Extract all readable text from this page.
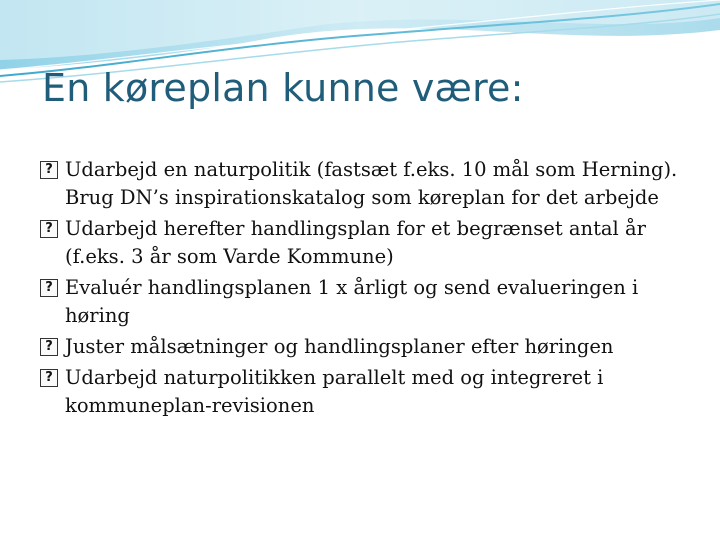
En køreplan kunne være:
? Udarbejd en naturpolitik (fastsæt f.eks. 10 mål som Herning). Brug DN’s inspirationskatalog som køreplan for det arbejde
? Udarbejd herefter handlingsplan for et begrænset antal år (f.eks. 3 år som Varde Kommune)
? Evaluér handlingsplanen 1 x årligt og send evalueringen i høring
? Juster målsætninger og handlingsplaner efter høringen
? Udarbejd naturpolitikken parallelt med og integreret i kommuneplan-revisionen
